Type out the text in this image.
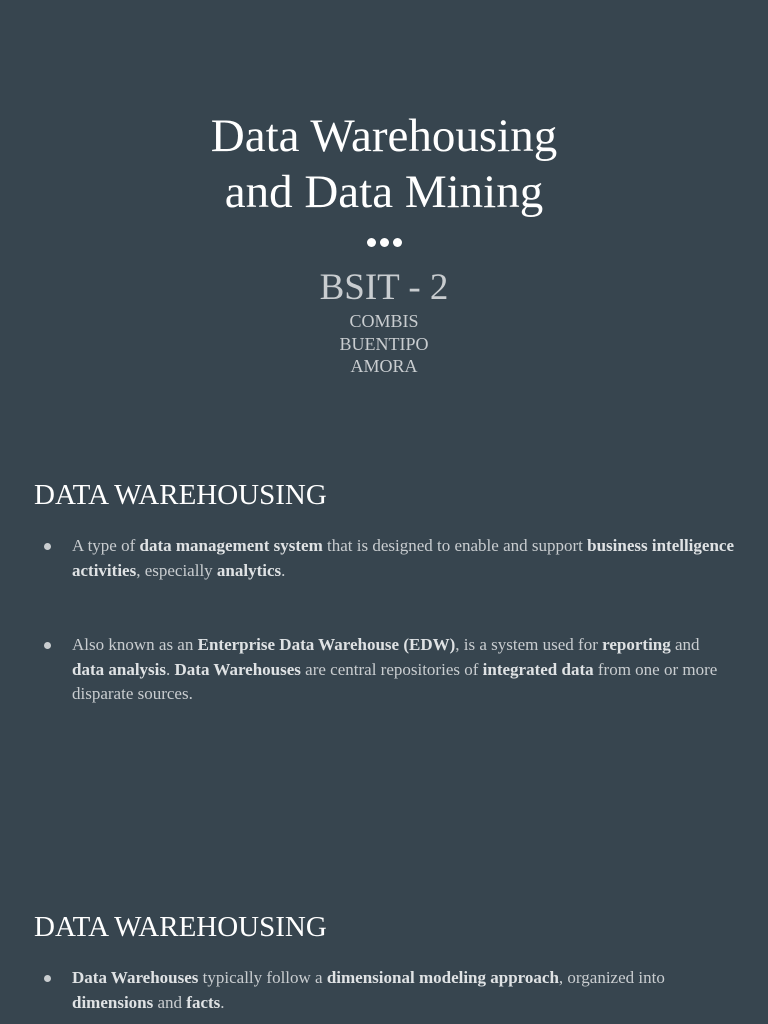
Data Warehousing
and Data Mining
BSIT - 2
COMBIS
BUENTIPO
AMORA
DATA WAREHOUSING
A type of data management system that is designed to enable and support business intelligence activities, especially analytics.
Also known as an Enterprise Data Warehouse (EDW), is a system used for reporting and data analysis. Data Warehouses are central repositories of integrated data from one or more disparate sources.
DATA WAREHOUSING
Data Warehouses typically follow a dimensional modeling approach, organized into dimensions and facts.
